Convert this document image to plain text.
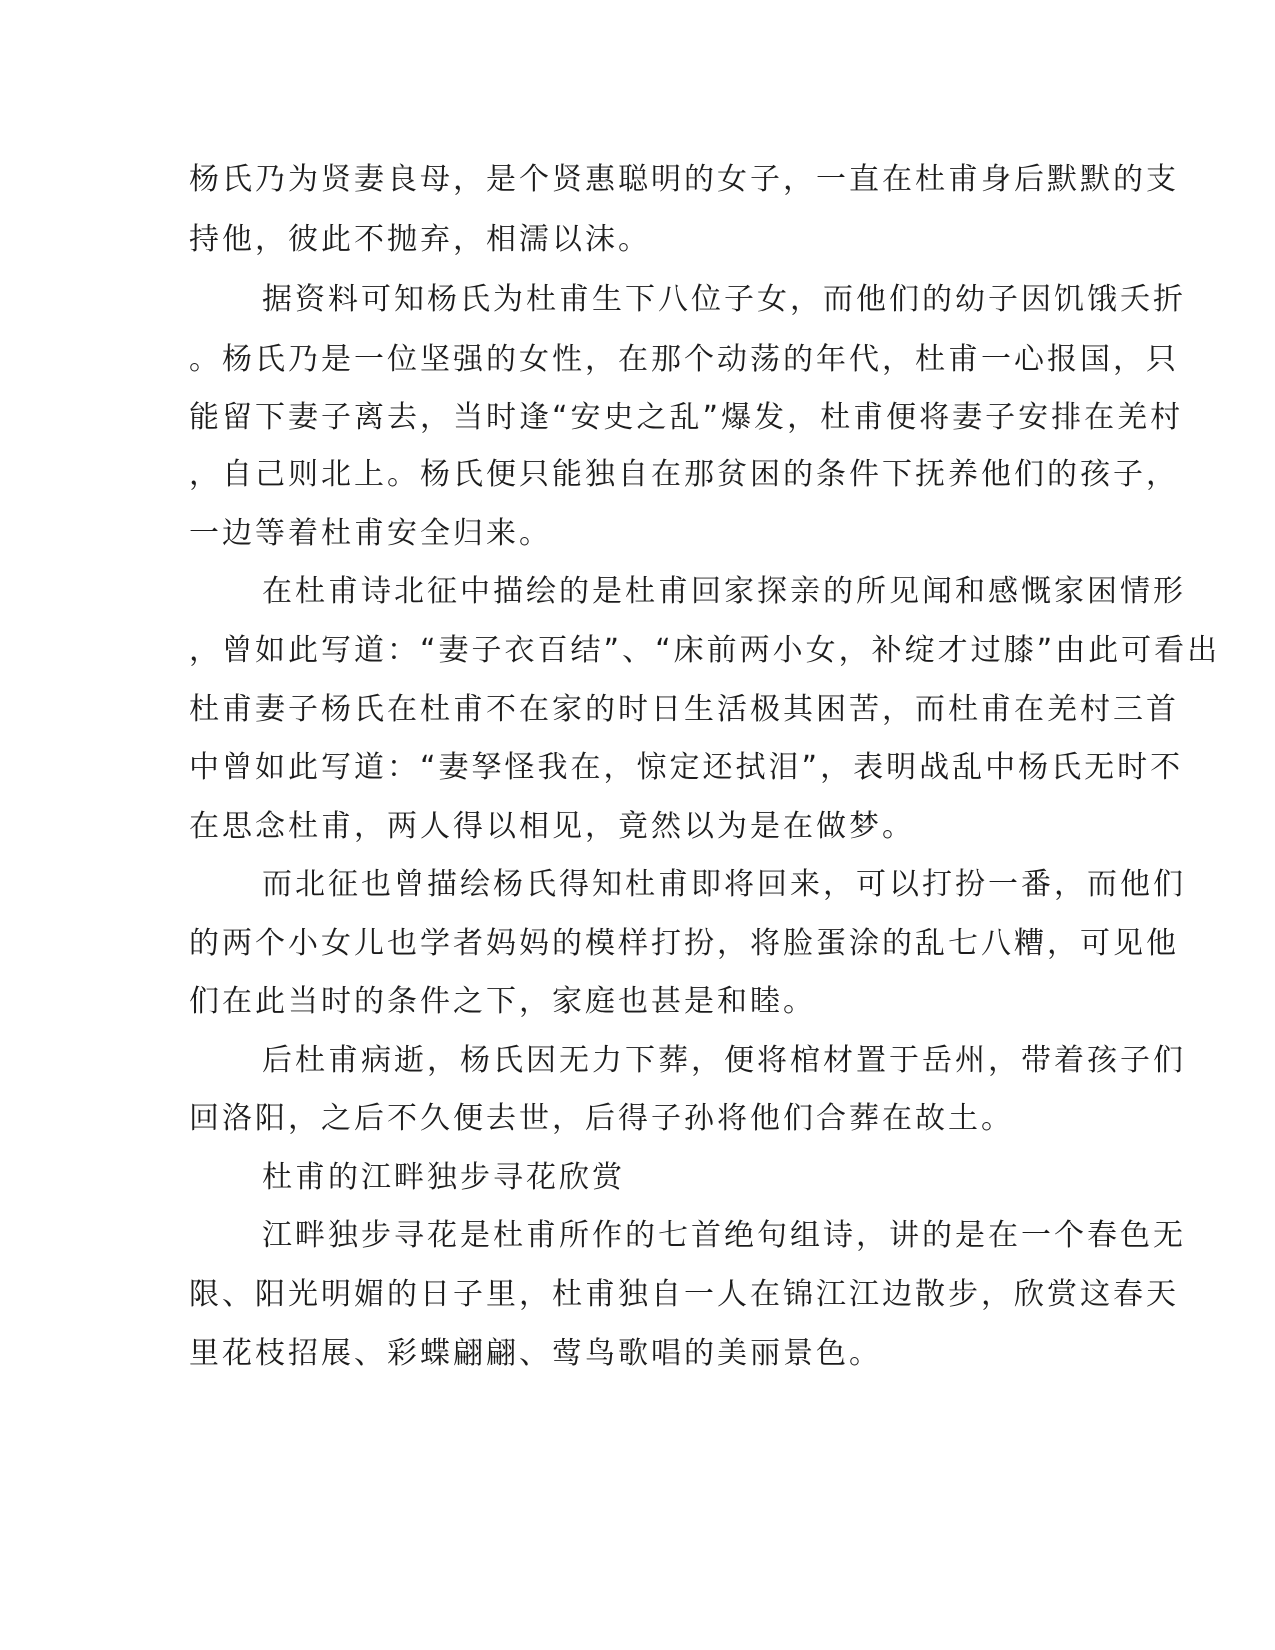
杨氏乃为贤妻良母，是个贤惠聪明的女子，一直在杜甫身后默默的支
持他，彼此不抛弃，相濡以沫。
据资料可知杨氏为杜甫生下八位子女，而他们的幼子因饥饿夭折
。杨氏乃是一位坚强的女性，在那个动荡的年代，杜甫一心报国，只
能留下妻子离去，当时逢“安史之乱”爆发，杜甫便将妻子安排在羌村
，自己则北上。杨氏便只能独自在那贫困的条件下抚养他们的孩子，
一边等着杜甫安全归来。
在杜甫诗北征中描绘的是杜甫回家探亲的所见闻和感慨家困情形
，曾如此写道：“妻子衣百结”、“床前两小女，补绽才过膝”由此可看出
杜甫妻子杨氏在杜甫不在家的时日生活极其困苦，而杜甫在羌村三首
中曾如此写道：“妻孥怪我在，惊定还拭泪”，表明战乱中杨氏无时不
在思念杜甫，两人得以相见，竟然以为是在做梦。
而北征也曾描绘杨氏得知杜甫即将回来，可以打扮一番，而他们
的两个小女儿也学者妈妈的模样打扮，将脸蛋涂的乱七八糟，可见他
们在此当时的条件之下，家庭也甚是和睦。
后杜甫病逝，杨氏因无力下葬，便将棺材置于岳州，带着孩子们
回洛阳，之后不久便去世，后得子孙将他们合葬在故土。
杜甫的江畔独步寻花欣赏
江畔独步寻花是杜甫所作的七首绝句组诗，讲的是在一个春色无
限、阳光明媚的日子里，杜甫独自一人在锦江江边散步，欣赏这春天
里花枝招展、彩蝶翩翩、莺鸟歌唱的美丽景色。
